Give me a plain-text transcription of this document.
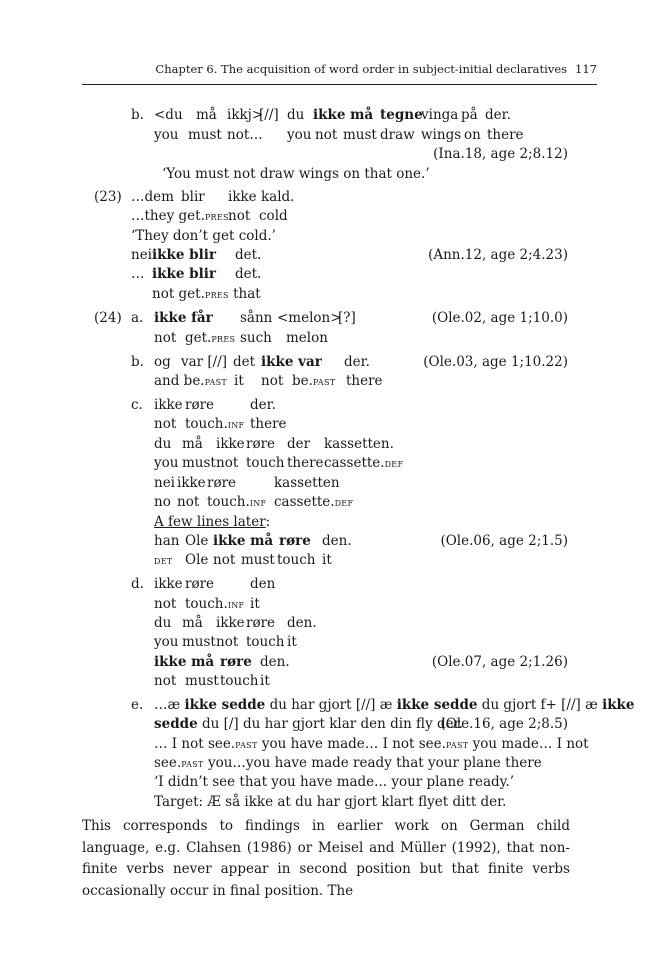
Chapter 6. The acquisition of word order in subject-initial declaratives 117
b. <du må ikkj>
[//] du ikke må tegne
vinga på der.
you must not… you not must draw wings on there
(Ina.18, age 2;8.12)
‘You must not draw wings on that one.’
(23) …dem blir ikke kald.
…they get.pres not cold
‘They don’t get cold.’
nei ikke blir det.	(Ann.12, age 2;4.23)
… ikke blir det.
not get.pres that
(24) a. ikke får sånn <melon>
[?]	(Ole.02, age 1;10.0)
not get.pres such melon
b. og var [//] det ikke var der.	(Ole.03, age 1;10.22)
and be.past it not be.past there
c. ikke røre	der.
not touch.inf there
du må ikke røre der kassetten.
you must not touch there cassette.def
nei ikke røre	kassetten
no not touch.inf cassette.def
A few lines later:
han Ole ikke må røre den.	(Ole.06, age 2;1.5)
det Ole not must touch it
d. ikke røre	den
not touch.inf it
du må ikke røre den.
you must not touch it
ikke må røre den.	(Ole.07, age 2;1.26)
not must touch it
e. …æ ikke sedde du har gjort [//] æ ikke sedde du gjort f+ [//] æ ikke
sedde du [/] du har gjort klar den din fly der.
(Ole.16, age 2;8.5)
… I not see.past you have made… I not see.past you made… I not
see.past you…you have made ready that your plane there
‘I didn’t see that you have made... your plane ready.’
Target: Æ så ikke at du har gjort klart flyet ditt der.
This corresponds to findings in earlier work on German child language, e.g. Clahsen (1986) or Meisel and Müller (1992), that non-finite verbs never appear in second position but that finite verbs occasionally occur in final position. The
